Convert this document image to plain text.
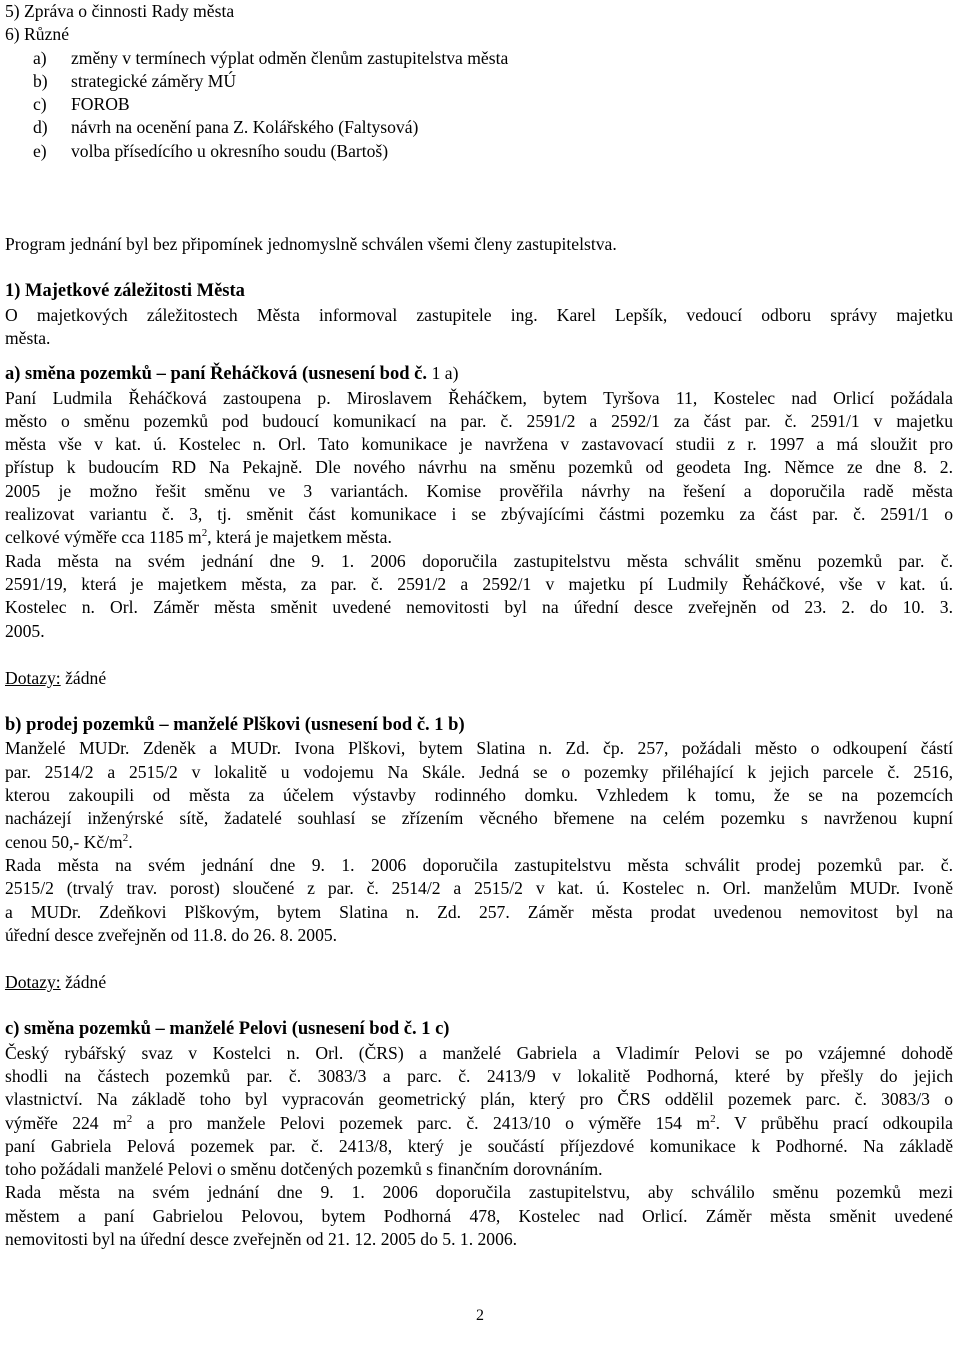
5) Zpráva o činnosti Rady města
6) Různé
a) změny v termínech výplat odměn členům zastupitelstva města
b) strategické záměry MÚ
c) FOROB
d) návrh na ocenění pana Z. Kolářského (Faltysová)
e) volba přísedícího u okresního soudu (Bartoš)
Program jednání byl bez připomínek jednomyslně schválen všemi členy zastupitelstva.
1) Majetkové záležitosti Města
O majetkových záležitostech Města informoval zastupitele ing. Karel Lepšík, vedoucí odboru správy majetku
města.
a) směna pozemků – paní Řeháčková (usnesení bod č. 1 a)
Paní Ludmila Řeháčková zastoupena p. Miroslavem Řeháčkem, bytem Tyršova 11, Kostelec nad Orlicí požádala
město o směnu pozemků pod budoucí komunikací na par. č. 2591/2 a 2592/1 za část par. č. 2591/1 v majetku
města vše v kat. ú. Kostelec n. Orl. Tato komunikace je navržena v zastavovací studii z r. 1997 a má sloužit pro
přístup k budoucím RD Na Pekajně. Dle nového návrhu na směnu pozemků od geodeta Ing. Němce ze dne 8. 2.
2005 je možno řešit směnu ve 3 variantách. Komise prověřila návrhy na řešení a doporučila radě města
realizovat variantu č. 3, tj. směnit část komunikace i se zbývajícími částmi pozemku za část par. č. 2591/1 o
celkové výměře cca 1185 $m^2$, která je majetkem města.
Rada města na svém jednání dne 9. 1. 2006 doporučila zastupitelstvu města schválit směnu pozemků par. č.
2591/19, která je majetkem města, za par. č. 2591/2 a 2592/1 v majetku pí Ludmily Řeháčkové, vše v kat. ú.
Kostelec n. Orl. Záměr města směnit uvedené nemovitosti byl na úřední desce zveřejněn od 23. 2. do 10. 3.
2005.
Dotazy: žádné
b) prodej pozemků – manželé Plškovi (usnesení bod č. 1 b)
Manželé MUDr. Zdeněk a MUDr. Ivona Plškovi, bytem Slatina n. Zd. čp. 257, požádali město o odkoupení částí
par. 2514/2 a 2515/2 v lokalitě u vodojemu Na Skále. Jedná se o pozemky přiléhající k jejich parcele č. 2516,
kterou zakoupili od města za účelem výstavby rodinného domku. Vzhledem k tomu, že se na pozemcích
nacházejí inženýrské sítě, žadatelé souhlasí se zřízením věcného břemene na celém pozemku s navrženou kupní
cenou 50,- $Kč/m^2$.
Rada města na svém jednání dne 9. 1. 2006 doporučila zastupitelstvu města schválit prodej pozemků par. č.
2515/2 (trvalý trav. porost) sloučené z par. č. 2514/2 a 2515/2 v kat. ú. Kostelec n. Orl. manželům MUDr. Ivoně
a MUDr. Zdeňkovi Plškovým, bytem Slatina n. Zd. 257. Záměr města prodat uvedenou nemovitost byl na
úřední desce zveřejněn od 11.8. do 26. 8. 2005.
Dotazy: žádné
c) směna pozemků – manželé Pelovi (usnesení bod č. 1 c)
Český rybářský svaz v Kostelci n. Orl. (ČRS) a manželé Gabriela a Vladimír Pelovi se po vzájemné dohodě
shodli na částech pozemků par. č. 3083/3 a parc. č. 2413/9 v lokalitě Podhorná, které by přešly do jejich
vlastnictví. Na základě toho byl vypracován geometrický plán, který pro ČRS oddělil pozemek parc. č. 3083/3 o
výměře 224 $m^2$ a pro manžele Pelovi pozemek parc. č. 2413/10 o výměře 154 $m^2$. V průběhu prací odkoupila
paní Gabriela Pelová pozemek par. č. 2413/8, který je součástí příjezdové komunikace k Podhorné. Na základě
toho požádali manželé Pelovi o směnu dotčených pozemků s finančním dorovnáním.
Rada města na svém jednání dne 9. 1. 2006 doporučila zastupitelstvu, aby schválilo směnu pozemků mezi
městem a paní Gabrielou Pelovou, bytem Podhorná 478, Kostelec nad Orlicí. Záměr města směnit uvedené
nemovitosti byl na úřední desce zveřejněn od 21. 12. 2005 do 5. 1. 2006.
2
